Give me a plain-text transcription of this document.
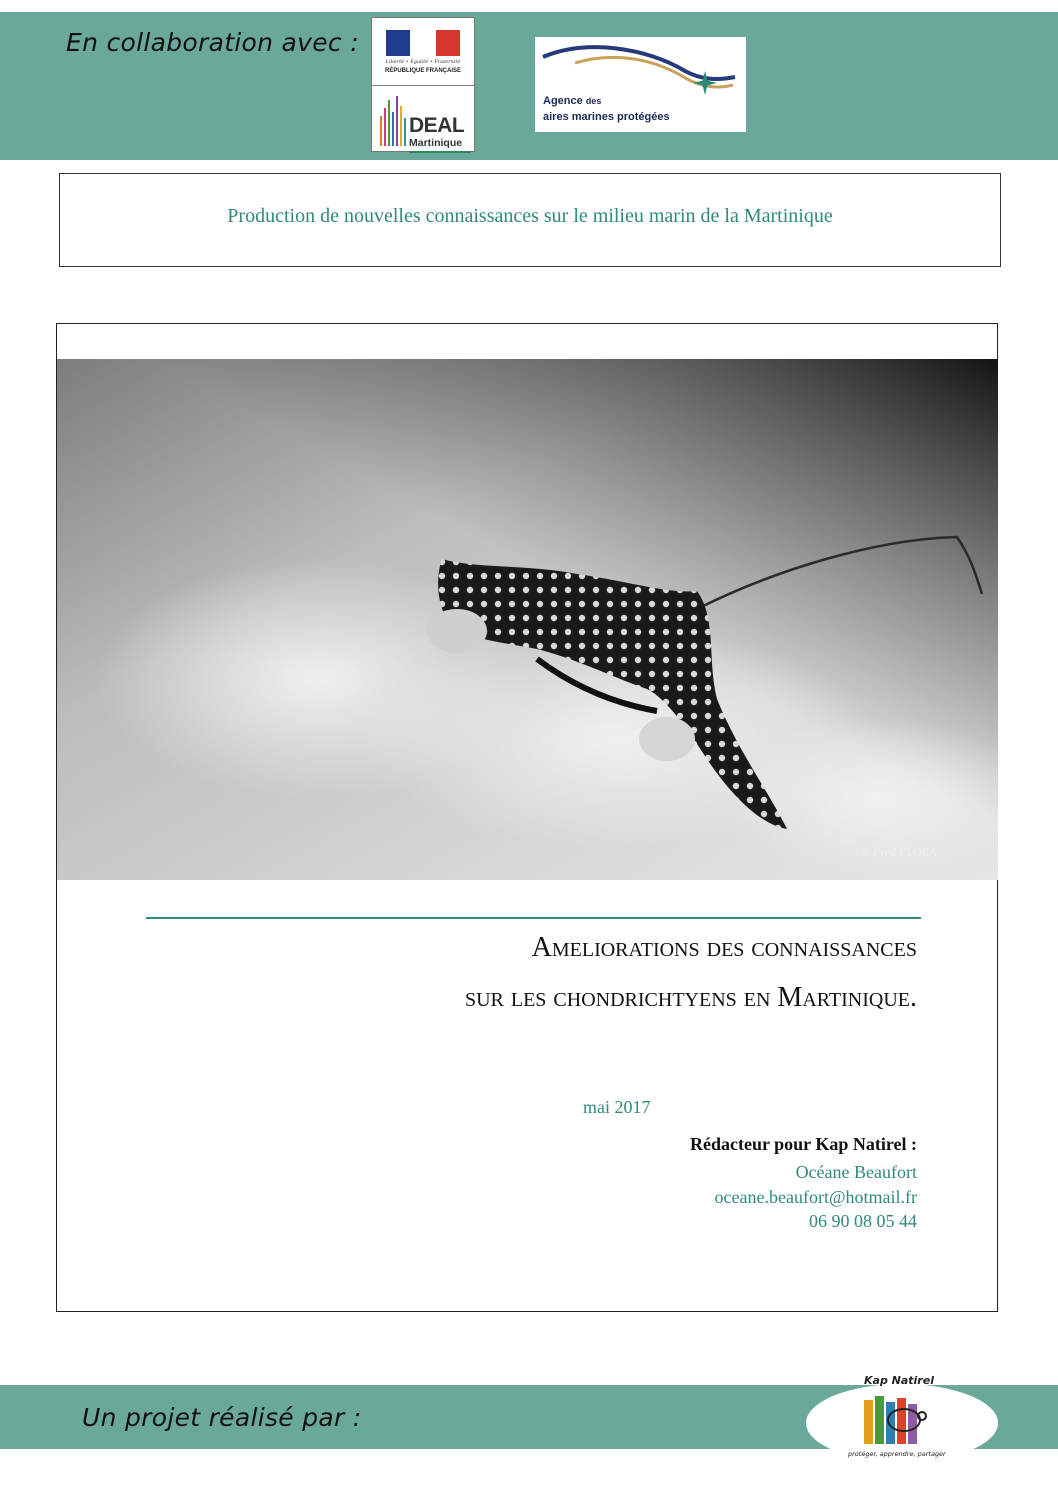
En collaboration avec :
Liberté • Égalité • Fraternité
RÉPUBLIQUE FRANÇAISE
DEAL
Martinique
Agence des
aires marines protégées
Production de nouvelles connaissances sur le milieu marin de la Martinique
© Fred FLORA
Ameliorations des connaissances
sur les chondrichtyens en Martinique.
mai 2017
Rédacteur pour Kap Natirel :
Océane Beaufort
oceane.beaufort@hotmail.fr
06 90 08 05 44
Un projet réalisé par :
Kap Natirel
protéger, apprendre, partager
